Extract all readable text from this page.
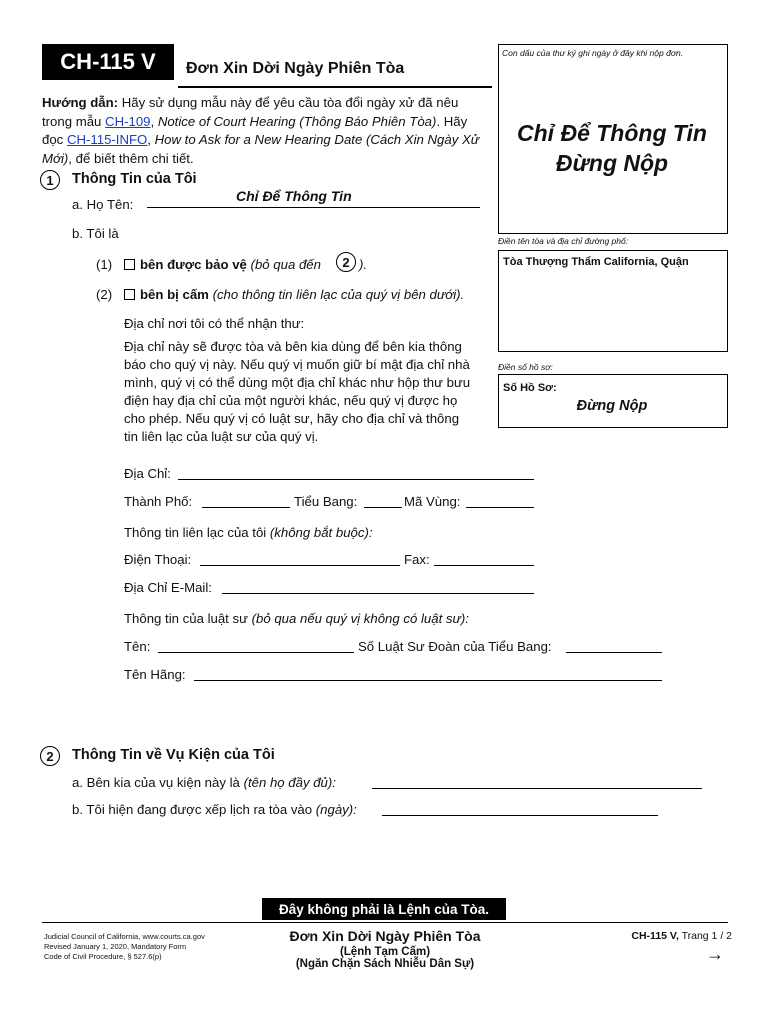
CH-115 V	Đơn Xin Dời Ngày Phiên Tòa
Hướng dẫn: Hãy sử dụng mẫu này để yêu cầu tòa đổi ngày xử đã nêu trong mẫu CH-109, Notice of Court Hearing (Thông Báo Phiên Tòa). Hãy đọc CH-115-INFO, How to Ask for a New Hearing Date (Cách Xin Ngày Xử Mới), để biết thêm chi tiết.
Con dấu của thư ký ghi ngày ở đây khi nộp đơn.
Chỉ Để Thông Tin
Đừng Nộp
Điền tên tòa và địa chỉ đường phố:
Tòa Thượng Thẩm California, Quận
Điền số hồ sơ:
Số Hồ Sơ:
Đừng Nộp
1	Thông Tin của Tôi
a. Họ Tên:
Chỉ Để Thông Tin
b. Tôi là
(1) bên được bảo vệ (bỏ qua đến	2 ).
(2) bên bị cấm (cho thông tin liên lạc của quý vị bên dưới).
Địa chỉ nơi tôi có thể nhận thư:
Địa chỉ này sẽ được tòa và bên kia dùng để bên kia thông báo cho quý vị này. Nếu quý vị muốn giữ bí mật địa chỉ nhà mình, quý vị có thể dùng một địa chỉ khác như hộp thư bưu điện hay địa chỉ của một người khác, nếu quý vị được họ cho phép. Nếu quý vị có luật sư, hãy cho địa chỉ và thông tin liên lạc của luật sư của quý vị.
Địa Chỉ:
Thành Phố:	Tiểu Bang:	Mã Vùng:
Thông tin liên lạc của tôi (không bắt buộc):
Điện Thoại:	Fax:
Địa Chỉ E-Mail:
Thông tin của luật sư (bỏ qua nếu quý vị không có luật sư):
Tên:	Số Luật Sư Đoàn của Tiểu Bang:
Tên Hãng:
2	Thông Tin về Vụ Kiện của Tôi
a. Bên kia của vụ kiện này là (tên họ đầy đủ):
b. Tôi hiện đang được xếp lịch ra tòa vào (ngày):
Đây không phải là Lệnh của Tòa.
Judicial Council of California, www.courts.ca.gov
Revised January 1, 2020, Mandatory Form
Code of Civil Procedure, § 527.6(p)
Đơn Xin Dời Ngày Phiên Tòa
(Lệnh Tạm Cấm)
(Ngăn Chặn Sách Nhiễu Dân Sự)
CH-115 V, Trang 1 / 2
→
